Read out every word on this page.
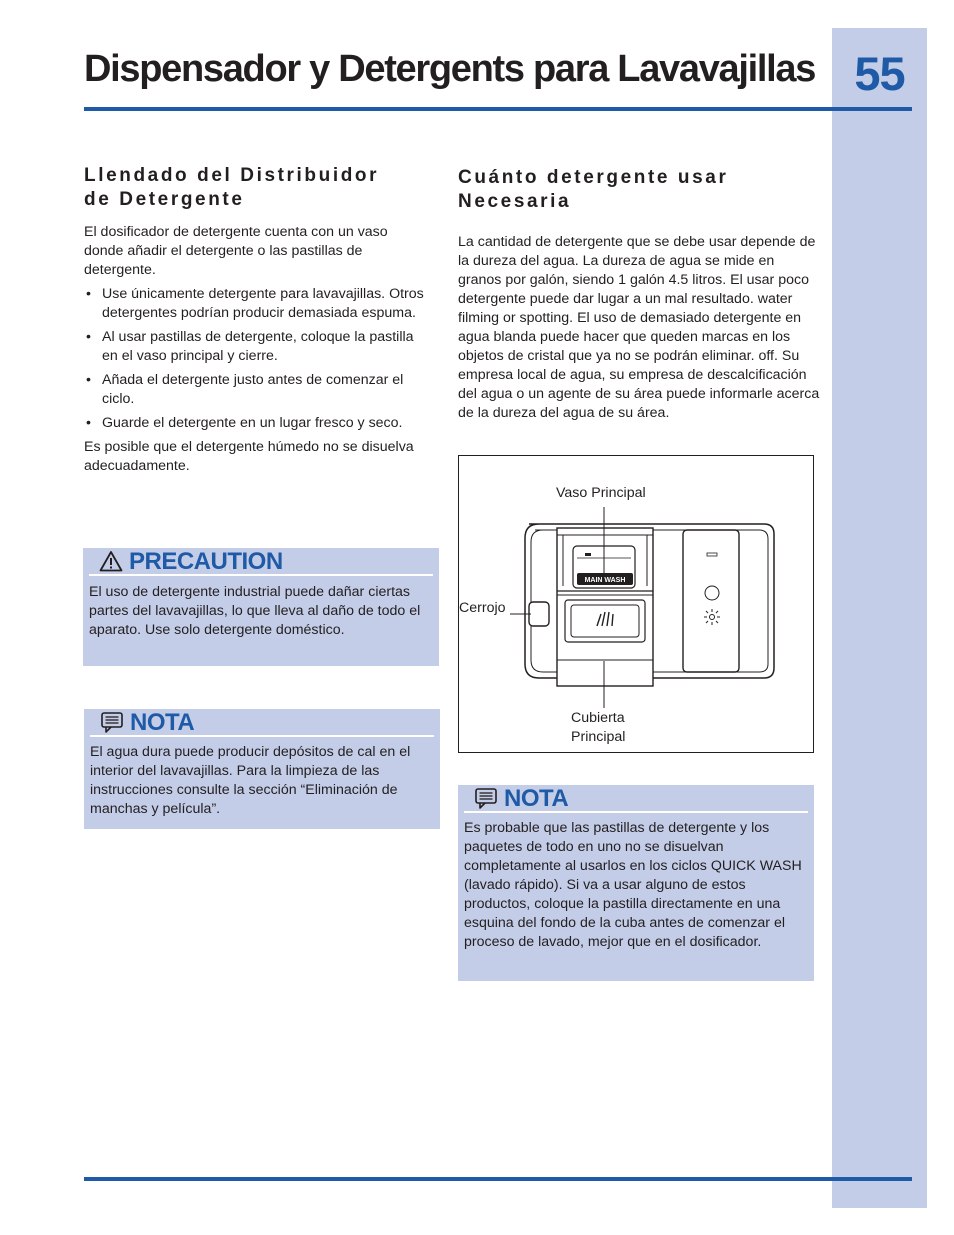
55
Dispensador y Detergents para Lavavajillas
Llendado del Distribuidor
de Detergente

El dosificador de detergente cuenta con un vaso donde añadir el detergente o las pastillas de detergente.

• Use únicamente detergente para lavavajillas. Otros detergentes podrían producir demasiada espuma.
• Al usar pastillas de detergente, coloque la pastilla en el vaso principal y cierre.
• Añada el detergente justo antes de comenzar el ciclo.
• Guarde el detergente en un lugar fresco y seco.

Es posible que el detergente húmedo no se disuelva adecuadamente.

PRECAUTION
El uso de detergente industrial puede dañar ciertas partes del lavavajillas, lo que lleva al daño de todo el aparato. Use solo detergente doméstico.
NOTA
El agua dura puede producir depósitos de cal en el interior del lavavajillas. Para la limpieza de las instrucciones consulte la sección “Eliminación de manchas y película”.
Cuánto detergente usar
Necesaria

La cantidad de detergente que se debe usar depende de la dureza del agua. La dureza de agua se mide en granos por galón, siendo 1 galón 4.5 litros. El usar poco detergente puede dar lugar a un mal resultado. water filming or spotting. El uso de demasiado detergente en agua blanda puede hacer que queden marcas en los objetos de cristal que ya no se podrán eliminar. off. Su empresa local de agua, su empresa de descalcificación del agua o un agente de su área puede informarle acerca de la dureza del agua de su área.

MAIN WASH
Vaso Principal
Cerrojo
Cubierta
Principal
NOTA
Es probable que las pastillas de detergente y los paquetes de todo en uno no se disuelvan completamente al usarlos en los ciclos QUICK WASH (lavado rápido). Si va a usar alguno de estos productos, coloque la pastilla directamente en una esquina del fondo de la cuba antes de comenzar el proceso de lavado, mejor que en el dosificador.
